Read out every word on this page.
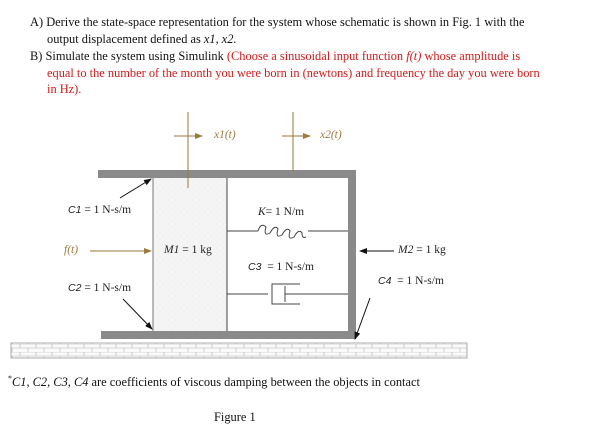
A) Derive the state-space representation for the system whose schematic is shown in Fig. 1 with the
output displacement defined as x1, x2.
B) Simulate the system using Simulink (Choose a sinusoidal input function f(t) whose amplitude is
equal to the number of the month you were born in (newtons) and frequency the day you were born
in Hz).
x1(t)	x2(t)
C1 = 1 N-s/m
f(t)	M1 = 1 kg
C2 = 1 N-s/m
K= 1 N/m
C3 = 1 N-s/m
M2 = 1 kg
C4 = 1 N-s/m
*C1, C2, C3, C4 are coefficients of viscous damping between the objects in contact
Figure 1
